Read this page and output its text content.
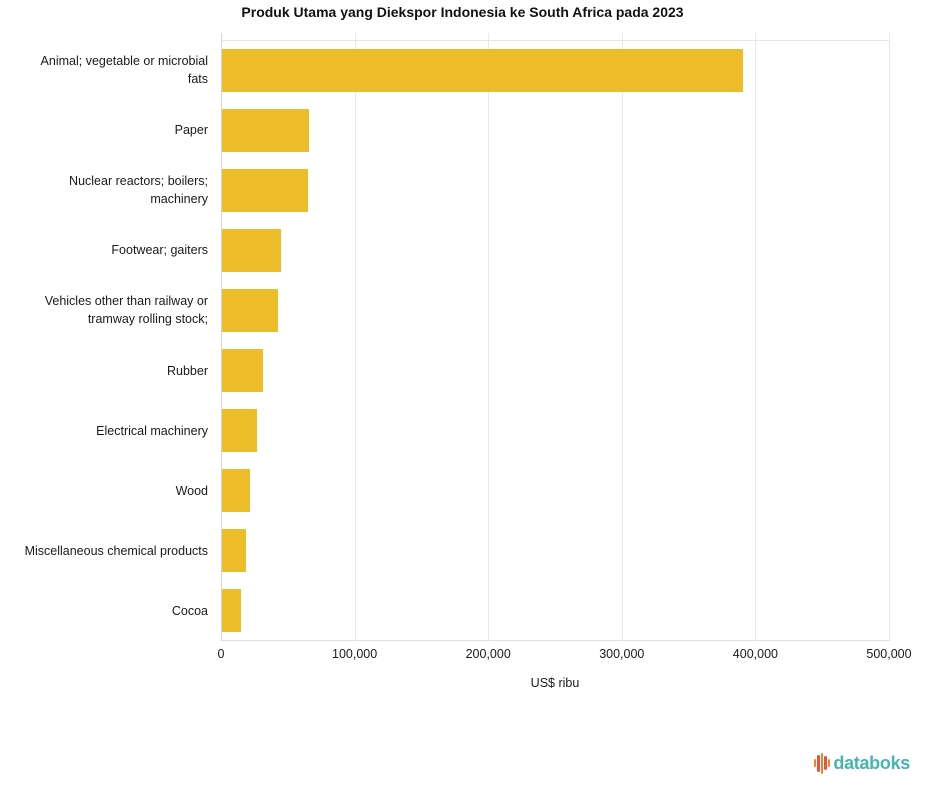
Produk Utama yang Diekspor Indonesia ke South Africa pada 2023
Animal; vegetable or microbial fats
Paper
Nuclear reactors; boilers; machinery
Footwear; gaiters
Vehicles other than railway or tramway rolling stock;
Rubber
Electrical machinery
Wood
Miscellaneous chemical products
Cocoa
0	100,000	200,000	300,000	400,000	500,000
US$ ribu
databoks
